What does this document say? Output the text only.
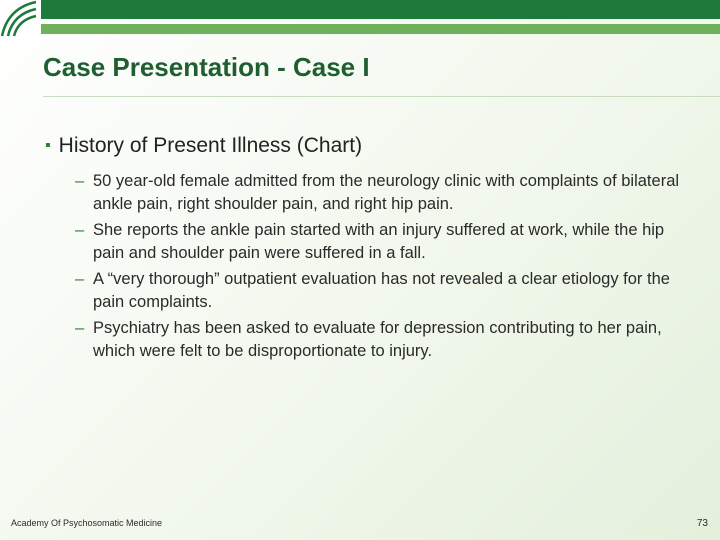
Case Presentation - Case I
▪ History of Present Illness (Chart)
– 50 year-old female admitted from the neurology clinic with complaints of bilateral ankle pain, right shoulder pain, and right hip pain.
– She reports the ankle pain started with an injury suffered at work, while the hip pain and shoulder pain were suffered in a fall.
– A “very thorough” outpatient evaluation has not revealed a clear etiology for the pain complaints.
– Psychiatry has been asked to evaluate for depression contributing to her pain, which were felt to be disproportionate to injury.
Academy Of Psychosomatic Medicine	73
